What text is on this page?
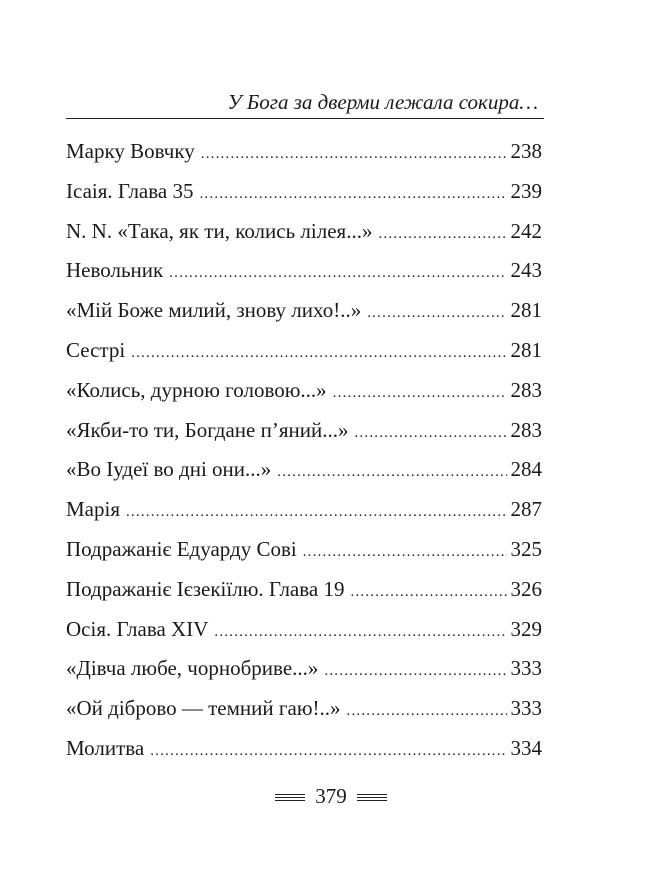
У Бога за дверми лежала сокира…
Марку Вовчку .....	238
Ісаія. Глава 35 .....	239
N. N. «Така, як ти, колись лілея...» .....	242
Невольник .....	243
«Мій Боже милий, знову лихо!..» .....	281
Сестрі .....	281
«Колись, дурною головою...» .....	283
«Якби-то ти, Богдане п’яний...» .....	283
«Во Іудеї во дні они...» .....	284
Марія .....	287
Подражаніє Едуарду Сові .....	325
Подражаніє Ієзекіїлю. Глава 19 .....	326
Осія. Глава XIV .....	329
«Дівча любе, чорнобриве...» .....	333
«Ой діброво — темний гаю!..» .....	333
Молитва .....	334
379
